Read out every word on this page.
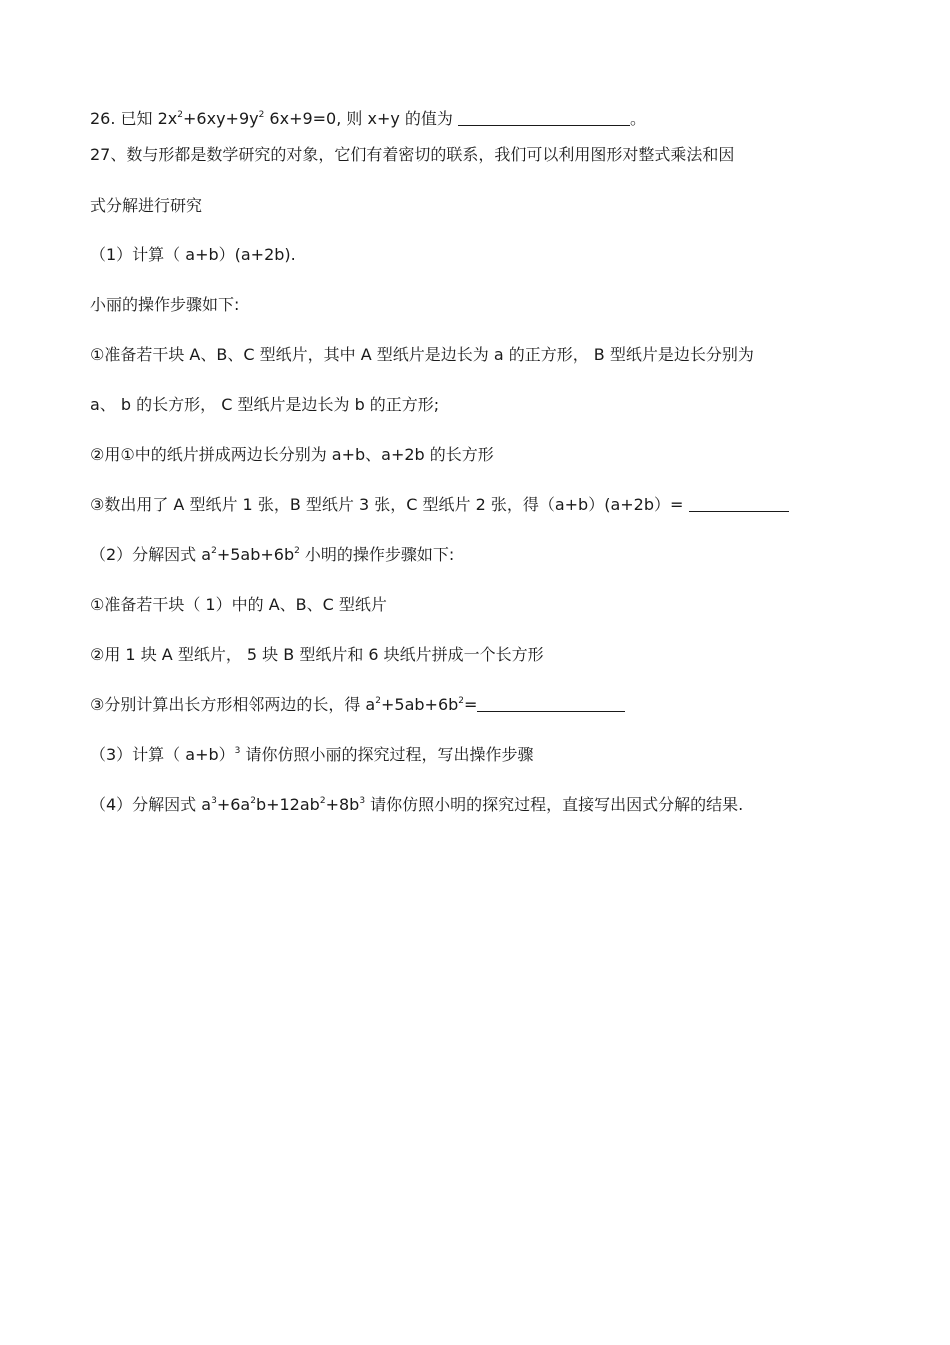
26. 已知 $2x^2+6xy+9y^2$ 6x+9=0, 则 x+y 的值为	。
27、数与形都是数学研究的对象，它们有着密切的联系，我们可以利用图形对整式乘法和因
式分解进行研究
（1）计算（ a+b）(a+2b).
小丽的操作步骤如下:
①准备若干块 A、B、C 型纸片，其中 A 型纸片是边长为 a 的正方形， B 型纸片是边长分别为
a、 b 的长方形， C 型纸片是边长为 b 的正方形;
②用①中的纸片拼成两边长分别为 a+b、a+2b 的长方形
③数出用了 A 型纸片 1 张，B 型纸片 3 张，C 型纸片 2 张，得（a+b）(a+2b）=
（2）分解因式 $a^2+5ab+6b^2$ 小明的操作步骤如下:
①准备若干块（ 1）中的 A、B、C 型纸片
②用 1 块 A 型纸片， 5 块 B 型纸片和 6 块纸片拼成一个长方形
③分别计算出长方形相邻两边的长，得 $a^2+5ab+6b^2=$
（3）计算（ a+b）$^3$ 请你仿照小丽的探究过程，写出操作步骤
（4）分解因式 $a^3+6a^2b+12ab^2+8b^3$ 请你仿照小明的探究过程，直接写出因式分解的结果.
